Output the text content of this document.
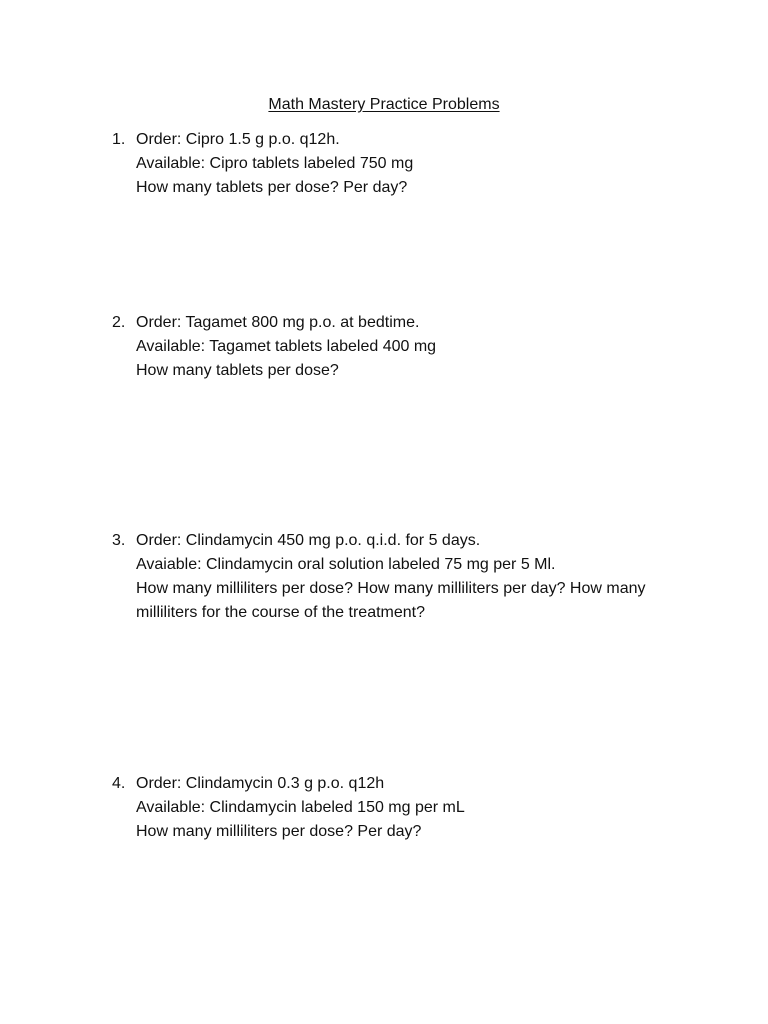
Math Mastery Practice Problems
1. Order: Cipro 1.5 g p.o. q12h.
Available: Cipro tablets labeled 750 mg
How many tablets per dose? Per day?
2. Order: Tagamet 800 mg p.o. at bedtime.
Available: Tagamet tablets labeled 400 mg
How many tablets per dose?
3. Order: Clindamycin 450 mg p.o. q.i.d. for 5 days.
Avaiable: Clindamycin oral solution labeled 75 mg per 5 Ml.
How many milliliters per dose? How many milliliters per day? How many milliliters for the course of the treatment?
4. Order: Clindamycin 0.3 g p.o. q12h
Available: Clindamycin labeled 150 mg per mL
How many milliliters per dose? Per day?
